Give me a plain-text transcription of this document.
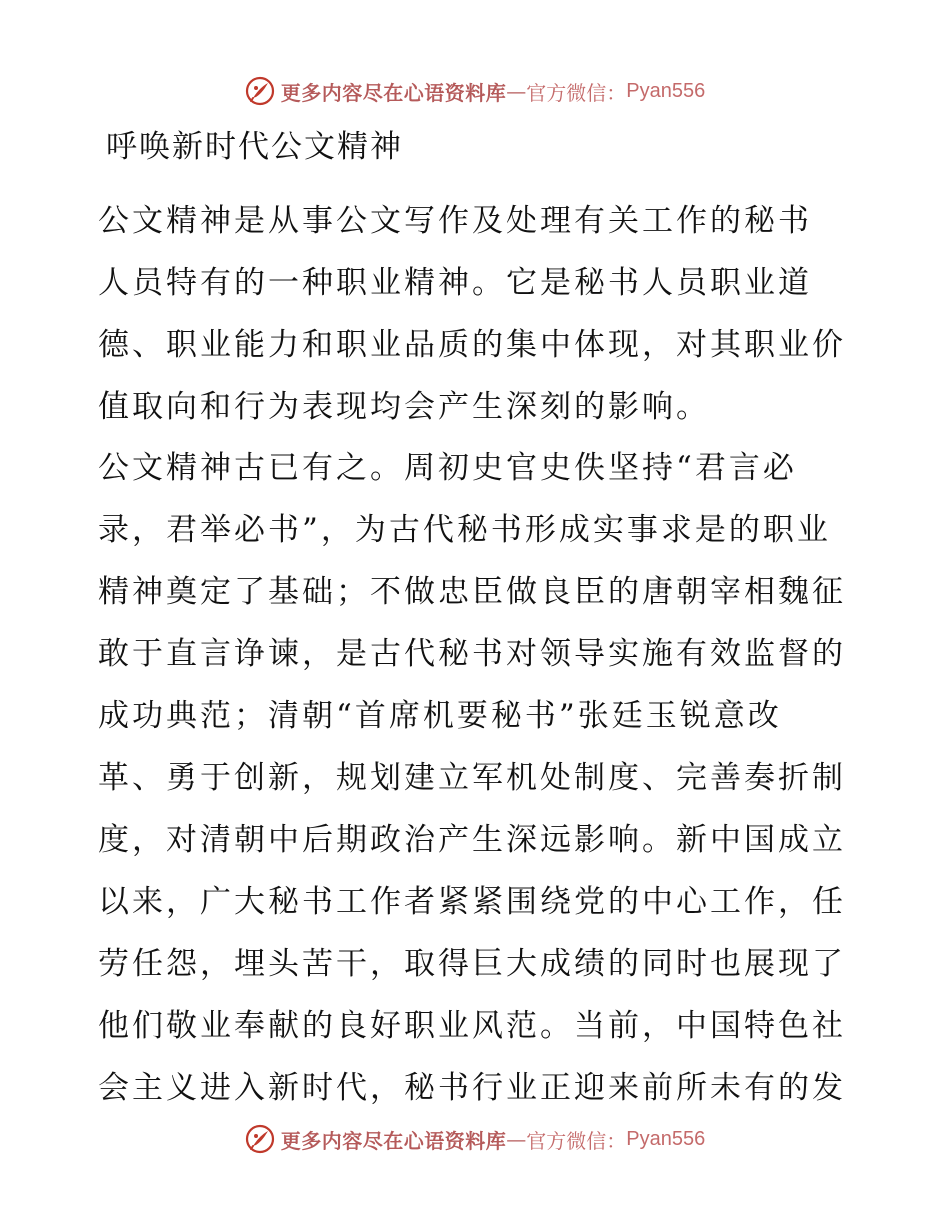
更多内容尽在心语资料库 — 官方微信： Pyan556
呼唤新时代公文精神
公文精神是从事公文写作及处理有关工作的秘书
人员特有的一种职业精神。它是秘书人员职业道
德、职业能力和职业品质的集中体现，对其职业价
值取向和行为表现均会产生深刻的影响。
公文精神古已有之。周初史官史佚坚持“君言必
录，君举必书”，为古代秘书形成实事求是的职业
精神奠定了基础；不做忠臣做良臣的唐朝宰相魏征
敢于直言诤谏，是古代秘书对领导实施有效监督的
成功典范；清朝“首席机要秘书”张廷玉锐意改
革、勇于创新，规划建立军机处制度、完善奏折制
度，对清朝中后期政治产生深远影响。新中国成立
以来，广大秘书工作者紧紧围绕党的中心工作，任
劳任怨，埋头苦干，取得巨大成绩的同时也展现了
他们敬业奉献的良好职业风范。当前，中国特色社
会主义进入新时代，秘书行业正迎来前所未有的发
更多内容尽在心语资料库 — 官方微信： Pyan556
